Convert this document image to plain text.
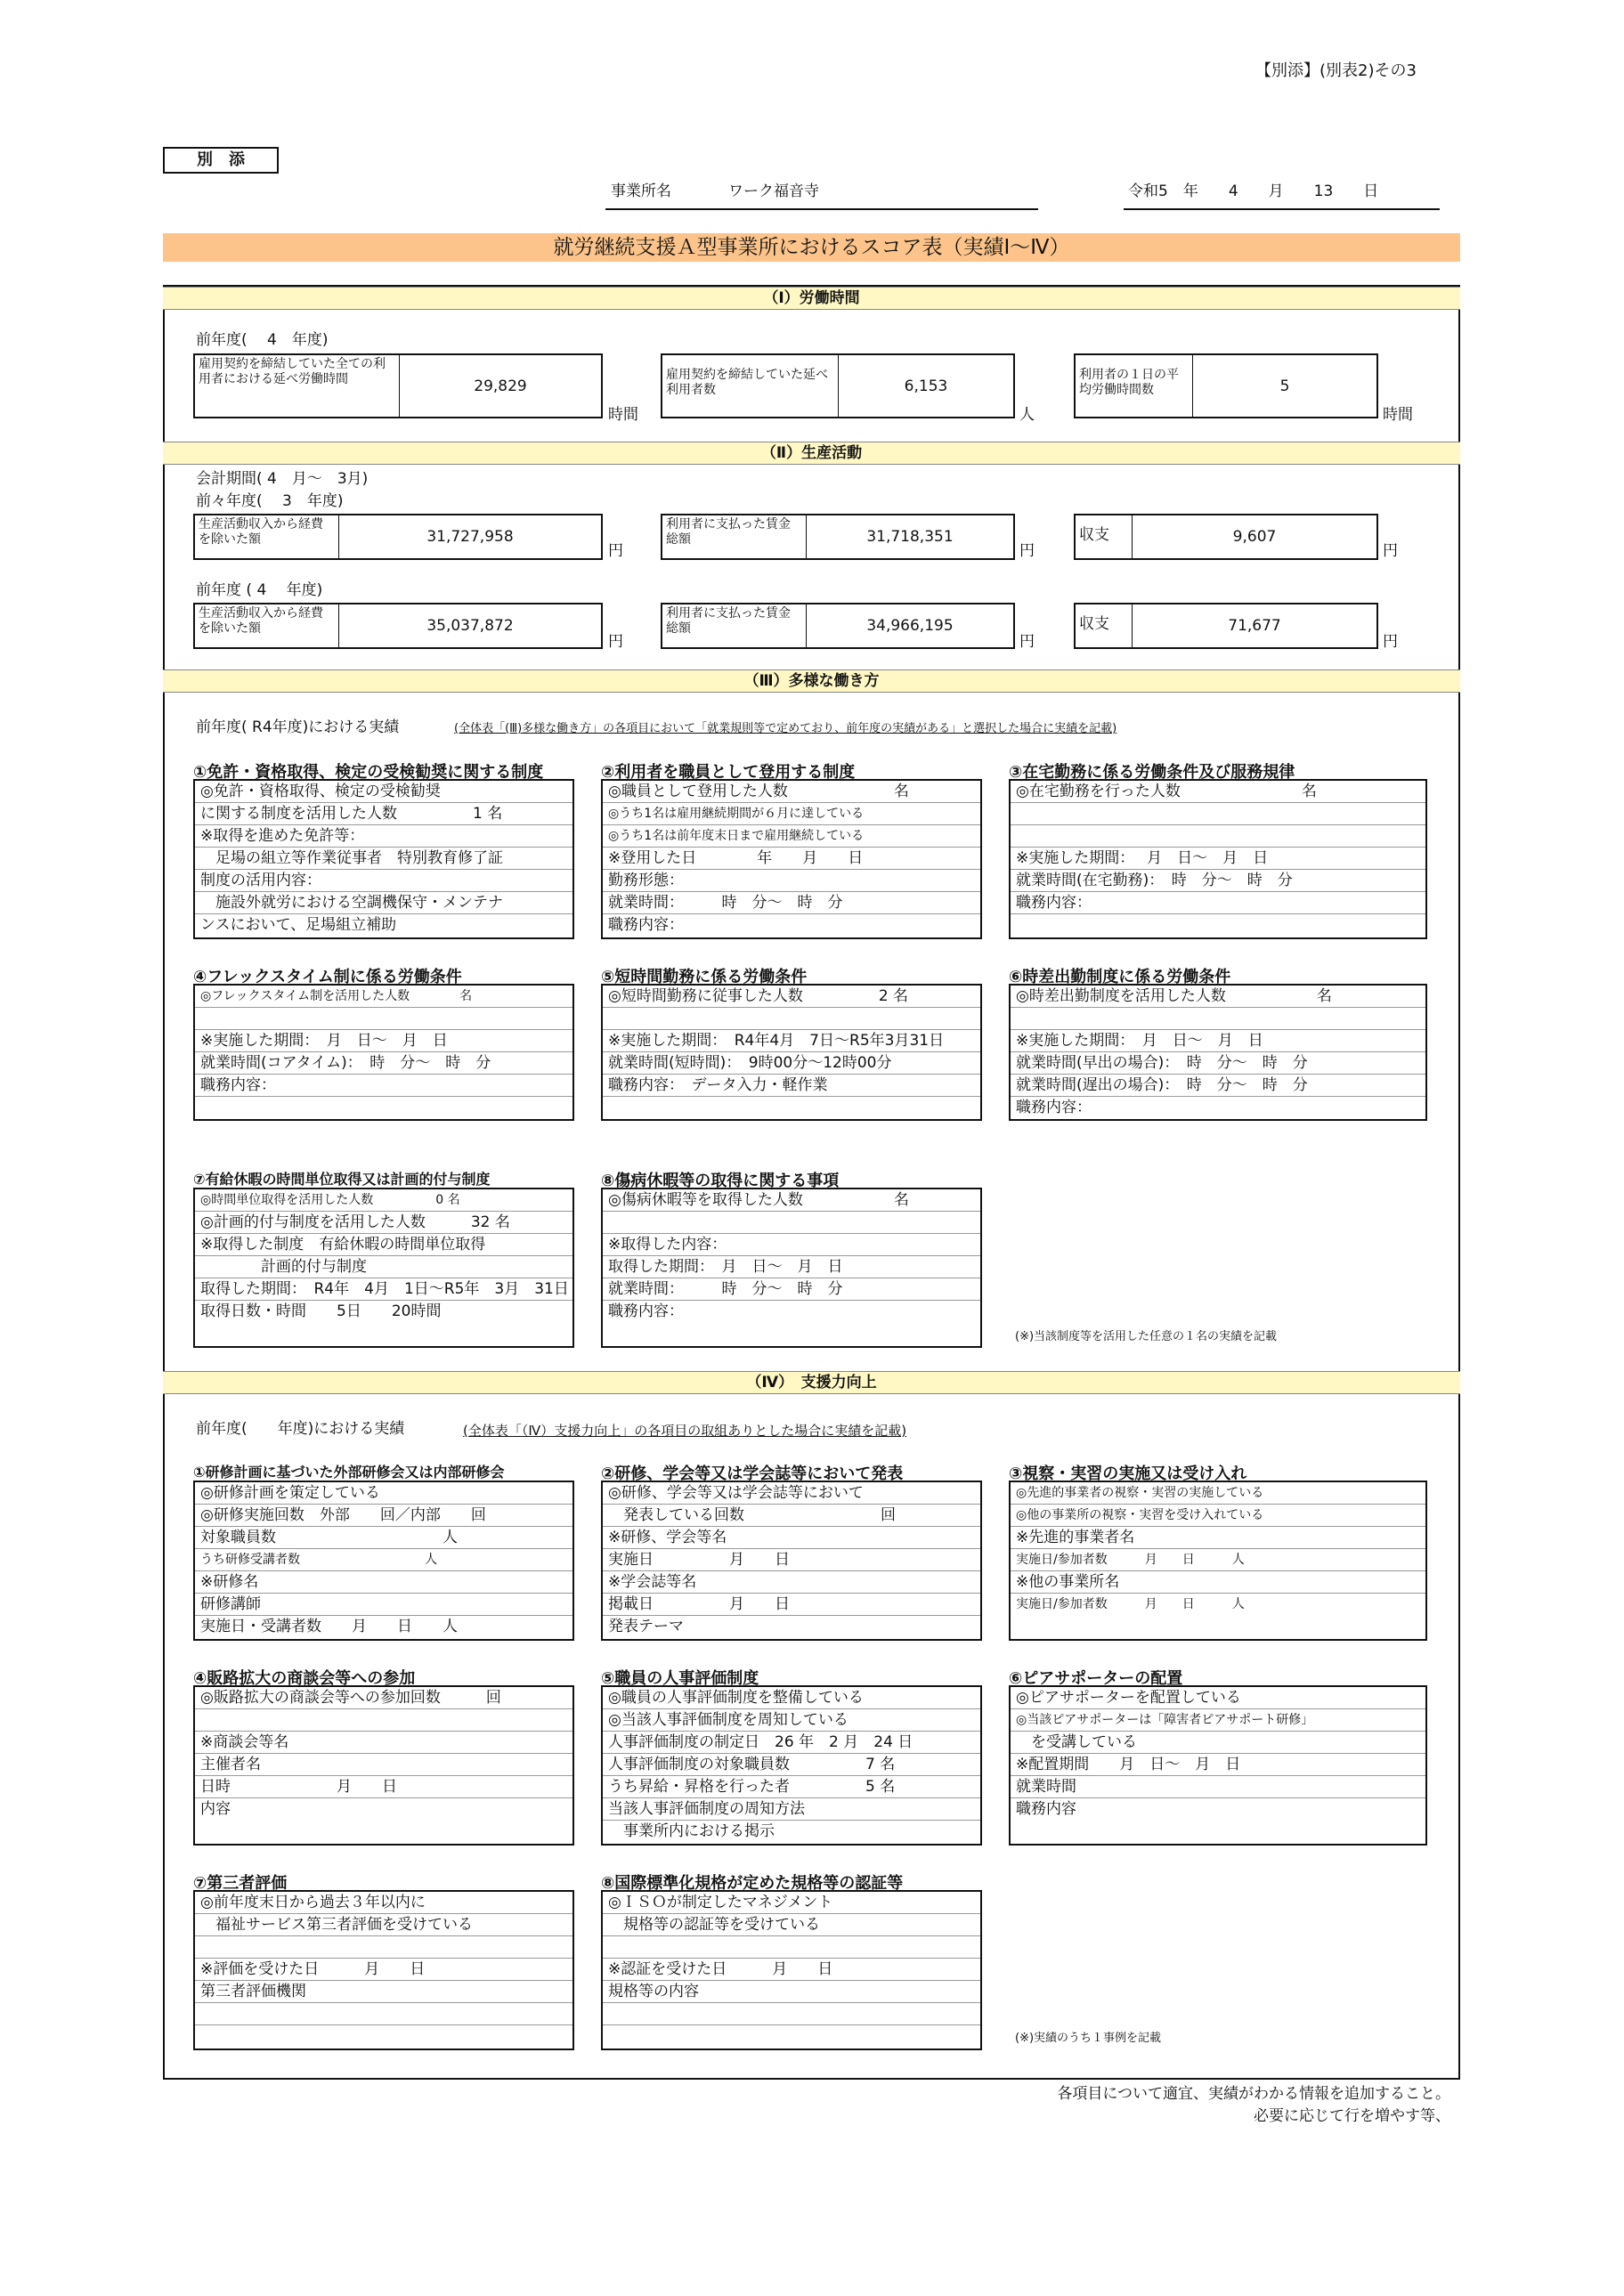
【別添】(別表2)その3
別　添
事業所名	ワーク福音寺	令和5　年　　4　　月　　13　　日
就労継続支援Ａ型事業所におけるスコア表（実績Ⅰ～Ⅳ）
（Ⅰ）労働時間
前年度(　 4　年度)
雇用契約を締結していた全ての利用者における延べ労働時間	29,829
時間
雇用契約を締結していた延べ利用者数	6,153
人
利用者の１日の平均労働時間数	5
時間
（Ⅱ）生産活動
会計期間( 4　月～　3月)
前々年度(　 3　年度)
前年度 ( 4　 年度)
生産活動収入から経費を除いた額	31,727,958
円
利用者に支払った賃金総額	31,718,351
円
収支	9,607
円
生産活動収入から経費を除いた額	35,037,872
円
利用者に支払った賃金総額	34,966,195
円
収支	71,677
円
（Ⅲ）多様な働き方
前年度( R4年度)における実績	(全体表「(Ⅲ)多様な働き方」の各項目において「就業規則等で定めており、前年度の実績がある」と選択した場合に実績を記載)
①免許・資格取得、検定の受検勧奨に関する制度
◎免許・資格取得、検定の受検勧奨
に関する制度を活用した人数　　　　　1 名
※取得を進めた免許等：
　足場の組立等作業従事者　特別教育修了証
制度の活用内容：
　施設外就労における空調機保守・メンテナ
ンスにおいて、足場組立補助
②利用者を職員として登用する制度
◎職員として登用した人数　　　　　　　名
◎うち1名は雇用継続期間が６月に達している
◎うち1名は前年度末日まで雇用継続している
※登用した日　　　　年　　月　　日
勤務形態：
就業時間：　　　時　分～　時　分
職務内容：
③在宅勤務に係る労働条件及び服務規律
◎在宅勤務を行った人数　　　　　　　　名
※実施した期間：　 月　日～　月　日
就業時間(在宅勤務)：　時　分～　時　分
職務内容：
④フレックスタイム制に係る労働条件
◎フレックスタイム制を活用した人数　　　　名
※実施した期間：　月　日～　月　日
就業時間(コアタイム)：　時　分～　時　分
職務内容：
⑤短時間勤務に係る労働条件
◎短時間勤務に従事した人数　　　　　2 名
※実施した期間：　R4年4月　7日～R5年3月31日
就業時間(短時間)：　9時00分～12時00分
職務内容：　データ入力・軽作業
⑥時差出勤制度に係る労働条件
◎時差出勤制度を活用した人数　　　　　　名
※実施した期間：　月　日～　月　日
就業時間(早出の場合)：　時　分～　時　分
就業時間(遅出の場合)：　時　分～　時　分
職務内容：
⑦有給休暇の時間単位取得又は計画的付与制度
◎時間単位取得を活用した人数　　　　　0 名
◎計画的付与制度を活用した人数　　　32 名
※取得した制度　有給休暇の時間単位取得
　　　　計画的付与制度
取得した期間：　R4年　4月　1日～R5年　3月　31日
取得日数・時間　　5日　　20時間
⑧傷病休暇等の取得に関する事項
◎傷病休暇等を取得した人数　　　　　　名
※取得した内容：
取得した期間：　月　日～　月　日
就業時間：　　　時　分～　時　分
職務内容：
(※)当該制度等を活用した任意の１名の実績を記載
（Ⅳ）　支援力向上
前年度(　　年度)における実績	(全体表「（Ⅳ）支援力向上」の各項目の取組ありとした場合に実績を記載)
①研修計画に基づいた外部研修会又は内部研修会
◎研修計画を策定している
◎研修実施回数　外部　　回／内部　　回
対象職員数　　　　　　　　　　　人
うち研修受講者数　　　　　　　　　　人
※研修名
研修講師
実施日・受講者数　　月　　日　　人
②研修、学会等又は学会誌等において発表
◎研修、学会等又は学会誌等において
　発表している回数　　　　　　　　　回
※研修、学会等名
実施日　　　　　月　　日
※学会誌等名
掲載日　　　　　月　　日
発表テーマ
③視察・実習の実施又は受け入れ
◎先進的事業者の視察・実習の実施している
◎他の事業所の視察・実習を受け入れている
※先進的事業者名
実施日/参加者数　　　月　　日　　　人
※他の事業所名
実施日/参加者数　　　月　　日　　　人
④販路拡大の商談会等への参加
◎販路拡大の商談会等への参加回数　　　回
※商談会等名
主催者名
日時　　　　　　　月　　日
内容
⑤職員の人事評価制度
◎職員の人事評価制度を整備している
◎当該人事評価制度を周知している
人事評価制度の制定日　26 年　2 月　24 日
人事評価制度の対象職員数　　　　　7 名
うち昇給・昇格を行った者　　　　　5 名
当該人事評価制度の周知方法
　事業所内における掲示
⑥ピアサポーターの配置
◎ピアサポーターを配置している
◎当該ピアサポーターは「障害者ピアサポート研修」
　を受講している
※配置期間　　月　日～　月　日
就業時間
職務内容
⑦第三者評価
◎前年度末日から過去３年以内に
　福祉サービス第三者評価を受けている
※評価を受けた日　　　月　　日
第三者評価機関
⑧国際標準化規格が定めた規格等の認証等
◎ＩＳＯが制定したマネジメント
　規格等の認証等を受けている
※認証を受けた日　　　月　　日
規格等の内容
(※)実績のうち１事例を記載
各項目について適宜、実績がわかる情報を追加すること。
必要に応じて行を増やす等、
